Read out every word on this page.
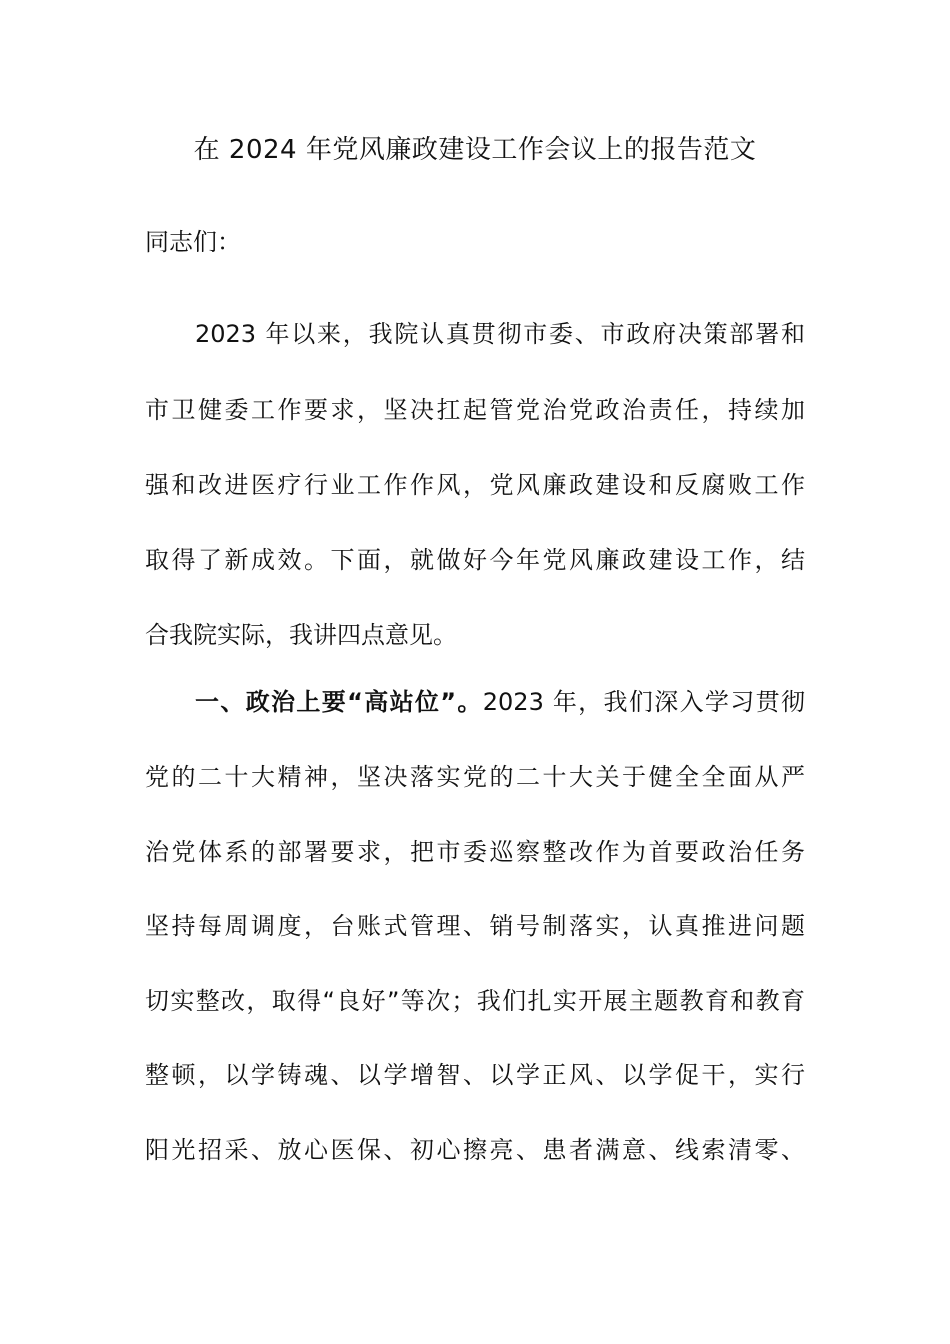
在 2024 年党风廉政建设工作会议上的报告范文

同志们：

2023 年以来，我院认真贯彻市委、市政府决策部署和

市卫健委工作要求，坚决扛起管党治党政治责任，持续加

强和改进医疗行业工作作风，党风廉政建设和反腐败工作

取得了新成效。下面，就做好今年党风廉政建设工作，结

合我院实际，我讲四点意见。

一、政治上要“高站位”。2023 年，我们深入学习贯彻

党的二十大精神，坚决落实党的二十大关于健全全面从严

治党体系的部署要求，把市委巡察整改作为首要政治任务

坚持每周调度，台账式管理、销号制落实，认真推进问题

切实整改，取得“良好”等次；我们扎实开展主题教育和教育

整顿，以学铸魂、以学增智、以学正风、以学促干，实行

阳光招采、放心医保、初心擦亮、患者满意、线索清零、
